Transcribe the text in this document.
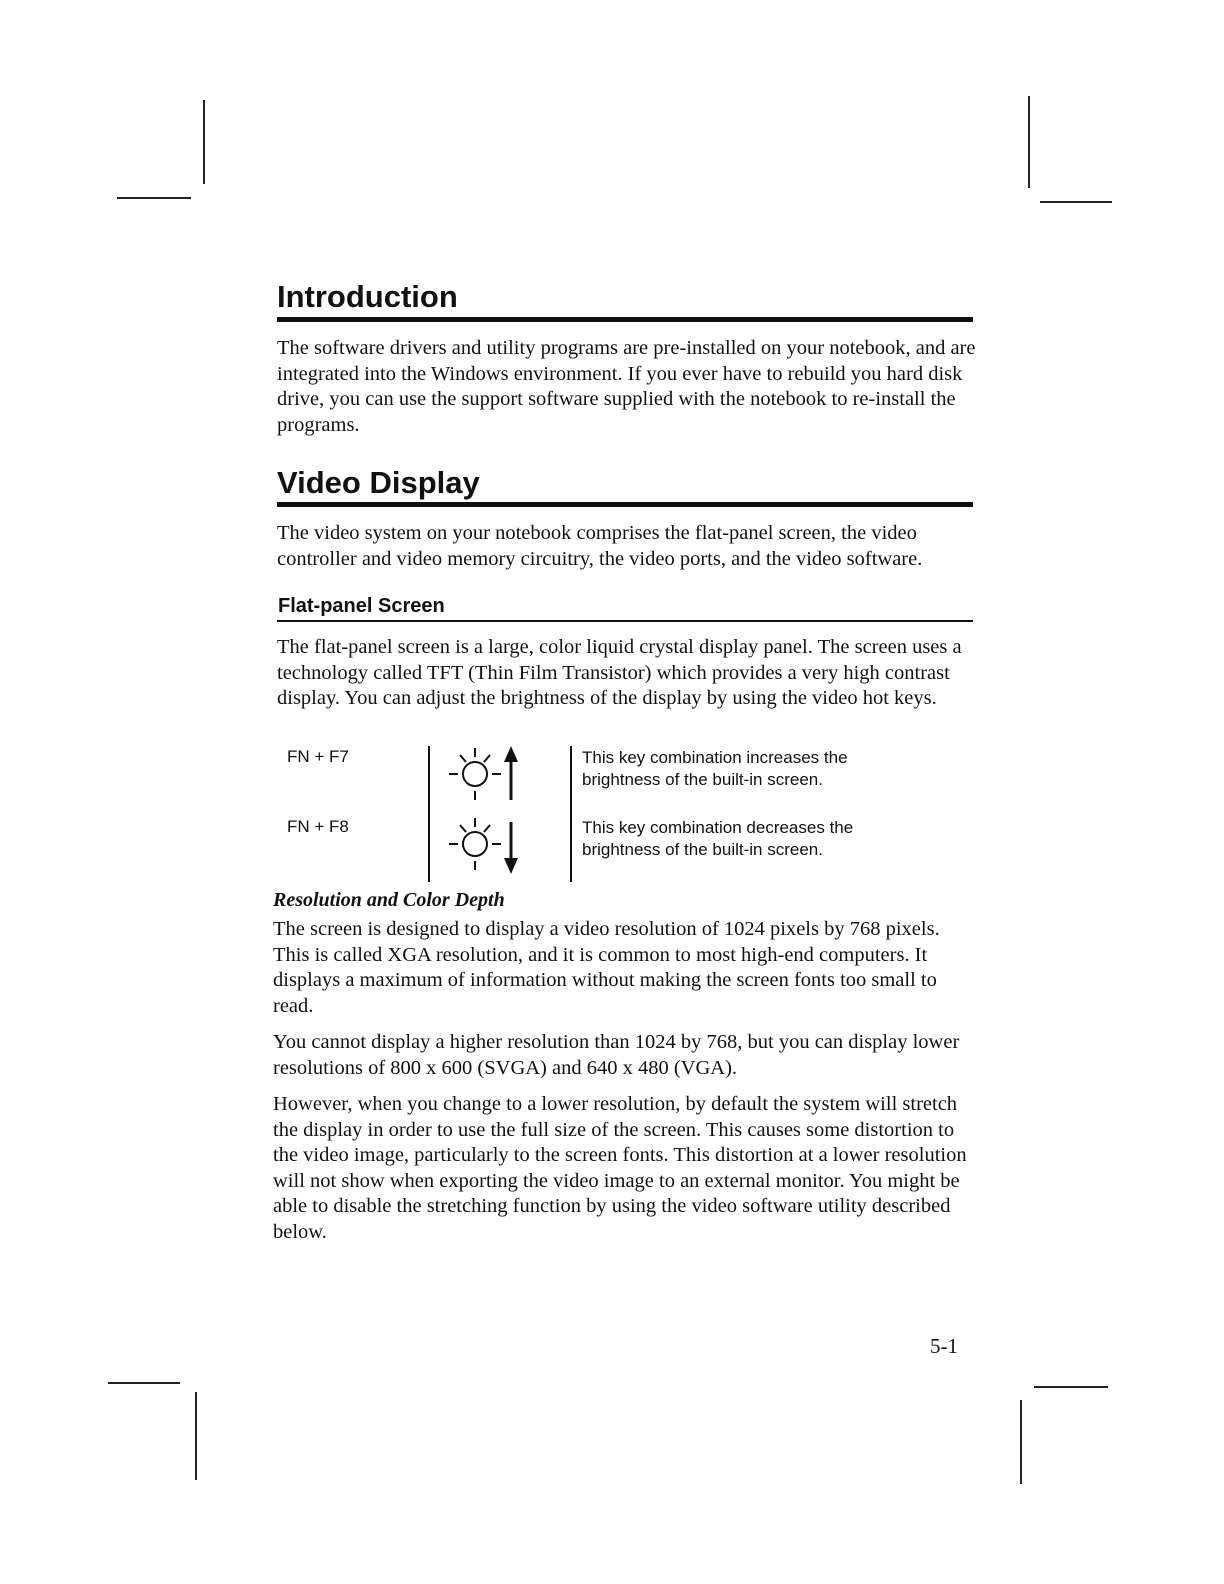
Introduction

The software drivers and utility programs are pre-installed on your notebook, and are integrated into the Windows environment. If you ever have to rebuild you hard disk drive, you can use the support software supplied with the notebook to re-install the programs.

Video Display

The video system on your notebook comprises the flat-panel screen, the video controller and video memory circuitry, the video ports, and the video software.

Flat-panel Screen

The flat-panel screen is a large, color liquid crystal display panel. The screen uses a technology called TFT (Thin Film Transistor) which provides a very high contrast display. You can adjust the brightness of the display by using the video hot keys.

FN + F7	This key combination increases the brightness of the built-in screen.
FN + F8	This key combination decreases the brightness of the built-in screen.
Resolution and Color Depth

The screen is designed to display a video resolution of 1024 pixels by 768 pixels. This is called XGA resolution, and it is common to most high-end computers. It displays a maximum of information without making the screen fonts too small to read.

You cannot display a higher resolution than 1024 by 768, but you can display lower resolutions of 800 x 600 (SVGA) and 640 x 480 (VGA).

However, when you change to a lower resolution, by default the system will stretch the display in order to use the full size of the screen. This causes some distortion to the video image, particularly to the screen fonts. This distortion at a lower resolution will not show when exporting the video image to an external monitor. You might be able to disable the stretching function by using the video software utility described below.

5-1
